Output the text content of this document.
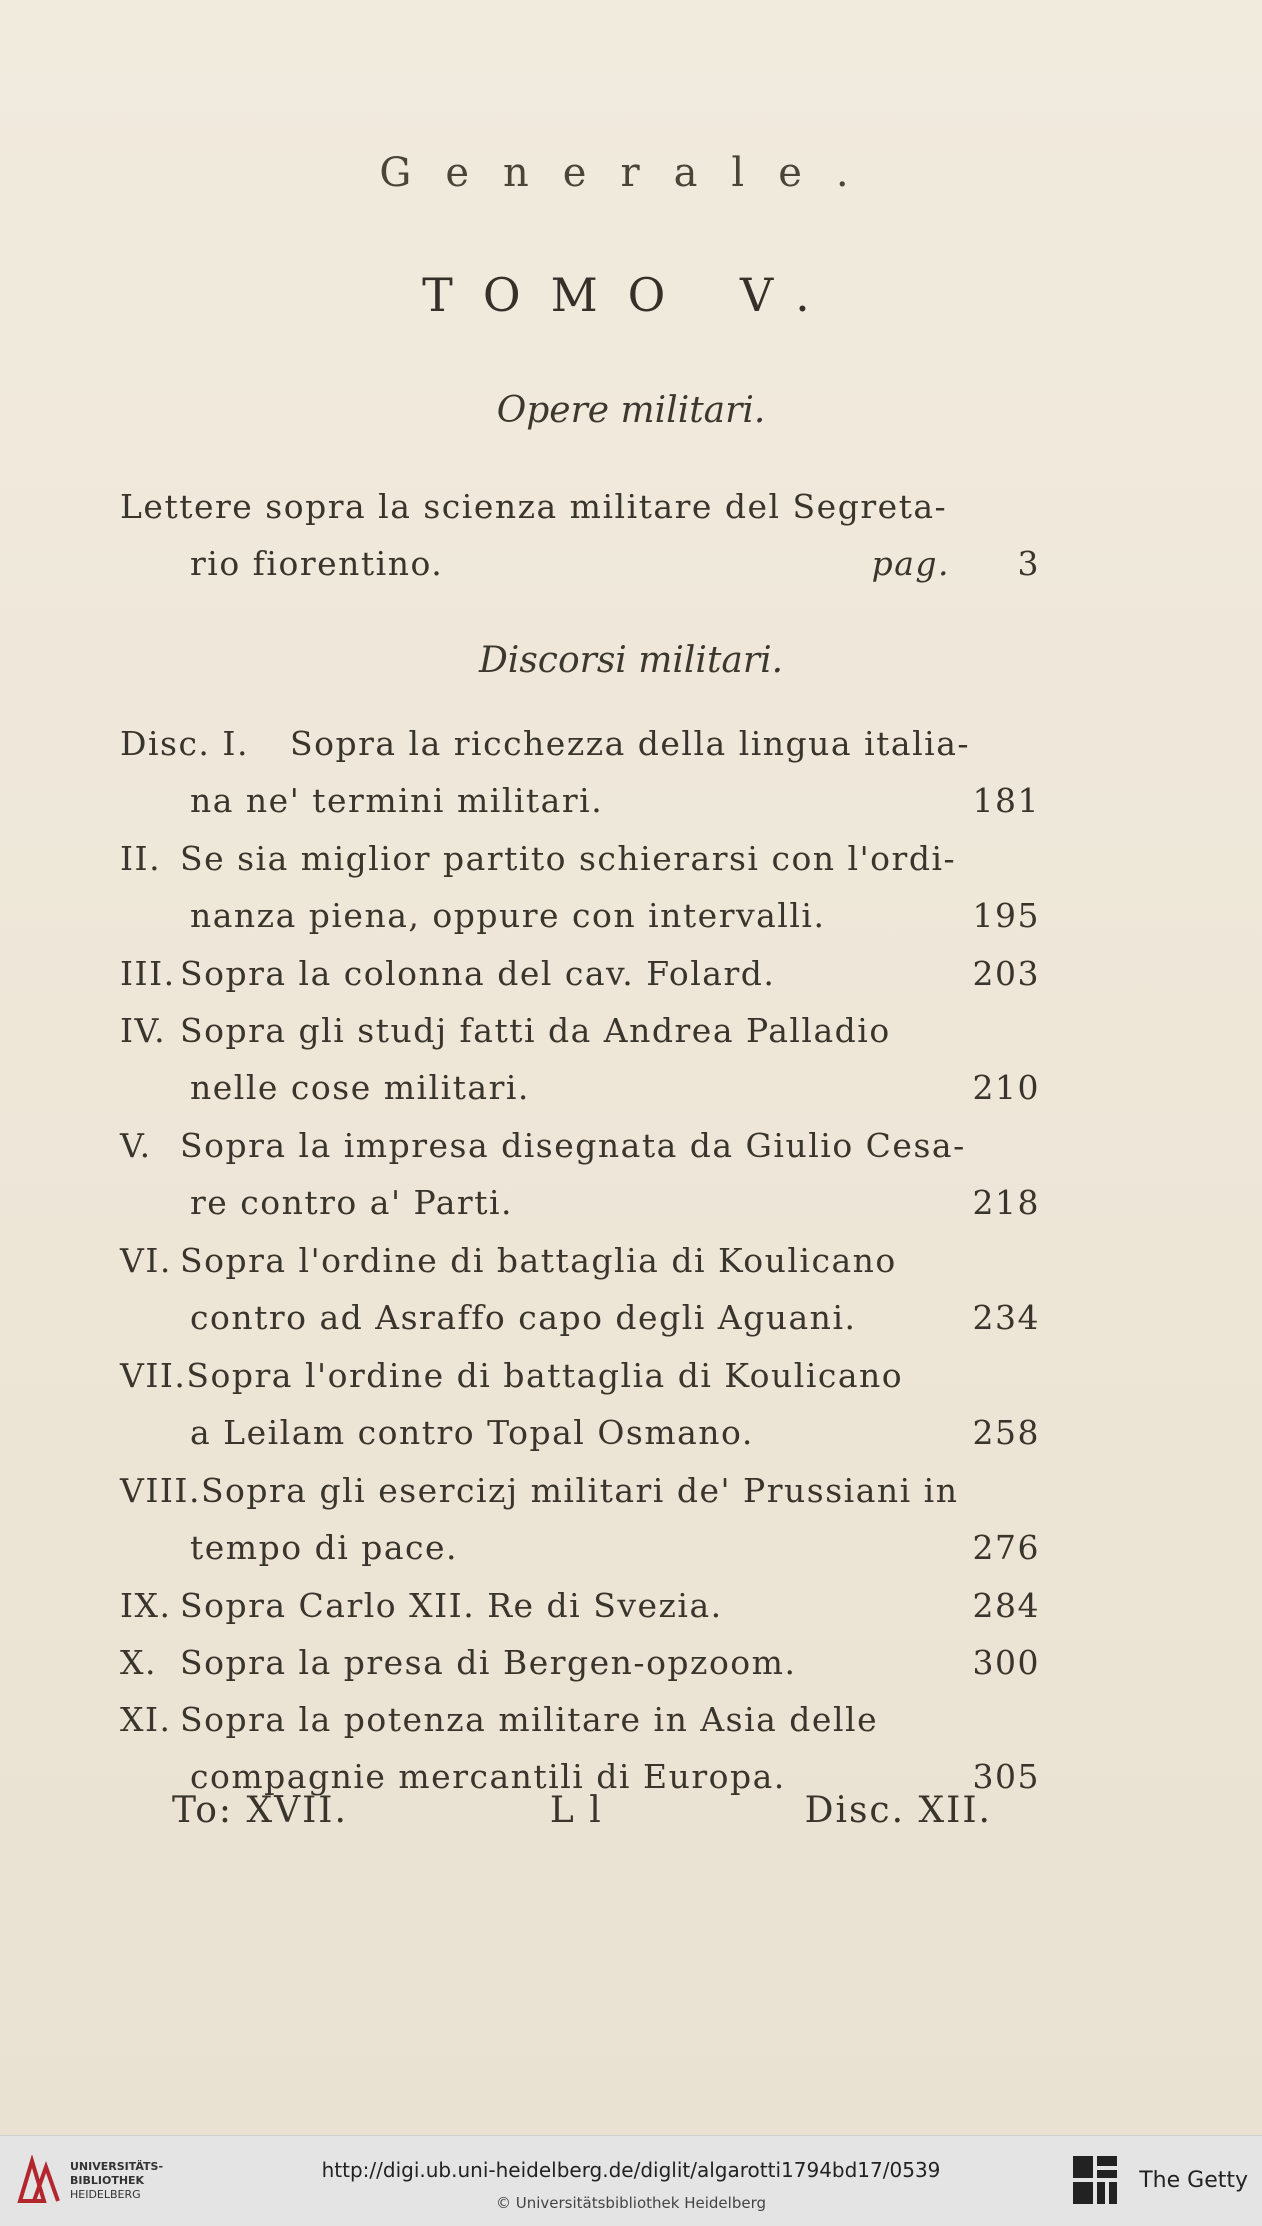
Generale.
TOMO V.
Opere militari.
Lettere sopra la scienza militare del Segreta-
rio fiorentino.	pag.	3
Discorsi militari.
Disc. I.	Sopra la ricchezza della lingua italia-
na ne' termini militari.	181
II. Se sia miglior partito schierarsi con l'ordi-
nanza piena, oppure con intervalli.	195
III. Sopra la colonna del cav. Folard.	203
IV. Sopra gli studj fatti da Andrea Palladio
nelle cose militari.	210
V. Sopra la impresa disegnata da Giulio Cesa-
re contro a' Parti.	218
VI. Sopra l'ordine di battaglia di Koulicano
contro ad Asraffo capo degli Aguani.	234
VII. Sopra l'ordine di battaglia di Koulicano
a Leilam contro Topal Osmano.	258
VIII. Sopra gli esercizj militari de' Prussiani in
tempo di pace.	276
IX. Sopra Carlo XII. Re di Svezia.	284
X. Sopra la presa di Bergen-opzoom.	300
XI. Sopra la potenza militare in Asia delle
compagnie mercantili di Europa.	305
To: XVII.	L l	Disc. XII.
UNIVERSITÄTS-
BIBLIOTHEK
HEIDELBERG
http://digi.ub.uni-heidelberg.de/diglit/algarotti1794bd17/0539
© Universitätsbibliothek Heidelberg
The Getty
